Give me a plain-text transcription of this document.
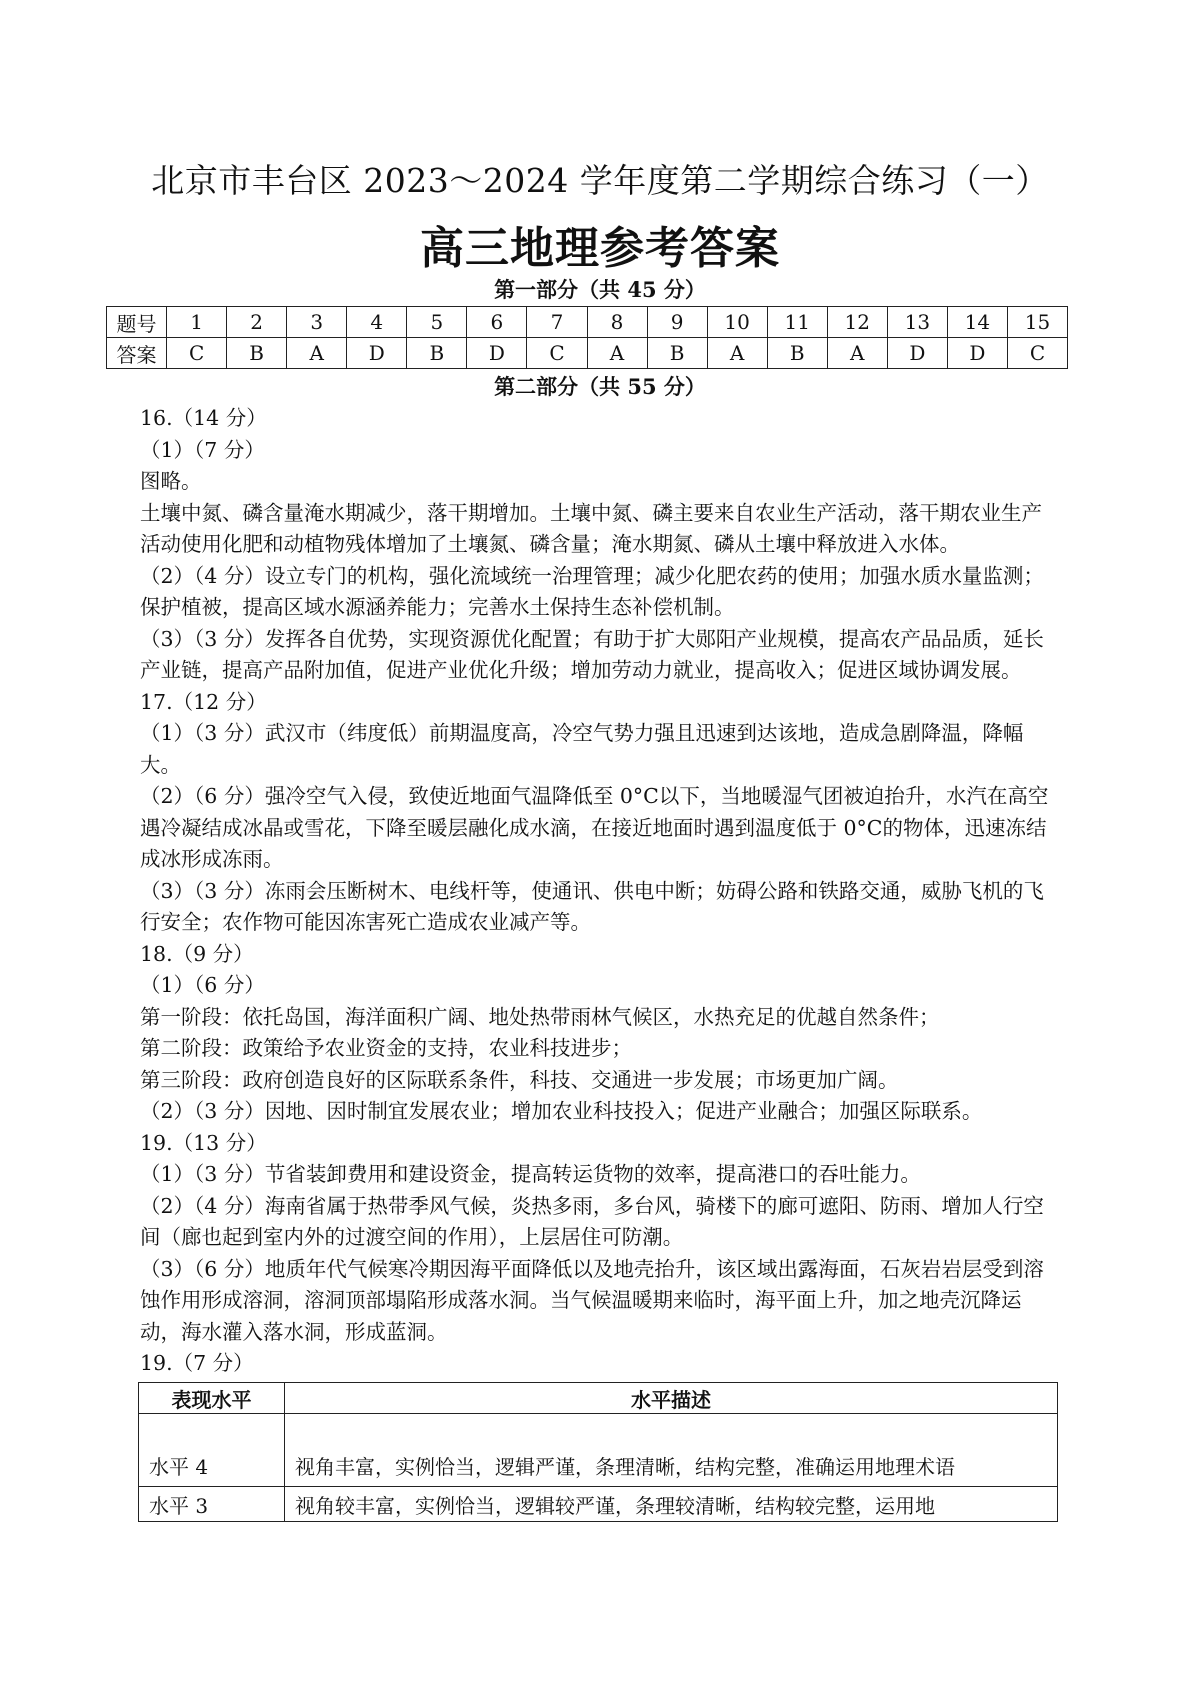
北京市丰台区 2023～2024 学年度第二学期综合练习（一）
高三地理参考答案
第一部分（共 45 分）
题号	1	2	3	4	5	6	7	8	9	10	11	12	13	14	15
答案	C	B	A	D	B	D	C	A	B	A	B	A	D	D	C
第二部分（共 55 分）

16.（14 分）

（1）（7 分）

图略。

土壤中氮、磷含量淹水期减少，落干期增加。土壤中氮、磷主要来自农业生产活动，落干期农业生产活动使用化肥和动植物残体增加了土壤氮、磷含量；淹水期氮、磷从土壤中释放进入水体。

（2）（4 分）设立专门的机构，强化流域统一治理管理；减少化肥农药的使用；加强水质水量监测；保护植被，提高区域水源涵养能力；完善水土保持生态补偿机制。

（3）（3 分）发挥各自优势，实现资源优化配置；有助于扩大郧阳产业规模，提高农产品品质，延长产业链，提高产品附加值，促进产业优化升级；增加劳动力就业，提高收入；促进区域协调发展。

17.（12 分）

（1）（3 分）武汉市（纬度低）前期温度高，冷空气势力强且迅速到达该地，造成急剧降温，降幅大。

（2）（6 分）强冷空气入侵，致使近地面气温降低至 0°C以下，当地暖湿气团被迫抬升，水汽在高空遇冷凝结成冰晶或雪花，下降至暖层融化成水滴，在接近地面时遇到温度低于 0°C的物体，迅速冻结成冰形成冻雨。

（3）（3 分）冻雨会压断树木、电线杆等，使通讯、供电中断；妨碍公路和铁路交通，威胁飞机的飞行安全；农作物可能因冻害死亡造成农业减产等。

18.（9 分）

（1）（6 分）

第一阶段：依托岛国，海洋面积广阔、地处热带雨林气候区，水热充足的优越自然条件；

第二阶段：政策给予农业资金的支持，农业科技进步；

第三阶段：政府创造良好的区际联系条件，科技、交通进一步发展；市场更加广阔。

（2）（3 分）因地、因时制宜发展农业；增加农业科技投入；促进产业融合；加强区际联系。

19.（13 分）

（1）（3 分）节省装卸费用和建设资金，提高转运货物的效率，提高港口的吞吐能力。

（2）（4 分）海南省属于热带季风气候，炎热多雨，多台风，骑楼下的廊可遮阳、防雨、增加人行空间（廊也起到室内外的过渡空间的作用），上层居住可防潮。

（3）（6 分）地质年代气候寒冷期因海平面降低以及地壳抬升，该区域出露海面，石灰岩岩层受到溶蚀作用形成溶洞，溶洞顶部塌陷形成落水洞。当气候温暖期来临时，海平面上升，加之地壳沉降运动，海水灌入落水洞，形成蓝洞。

19.（7 分）

表现水平	水平描述
水平 4	视角丰富，实例恰当，逻辑严谨，条理清晰，结构完整，准确运用地理术语
水平 3	视角较丰富，实例恰当，逻辑较严谨，条理较清晰，结构较完整，运用地
